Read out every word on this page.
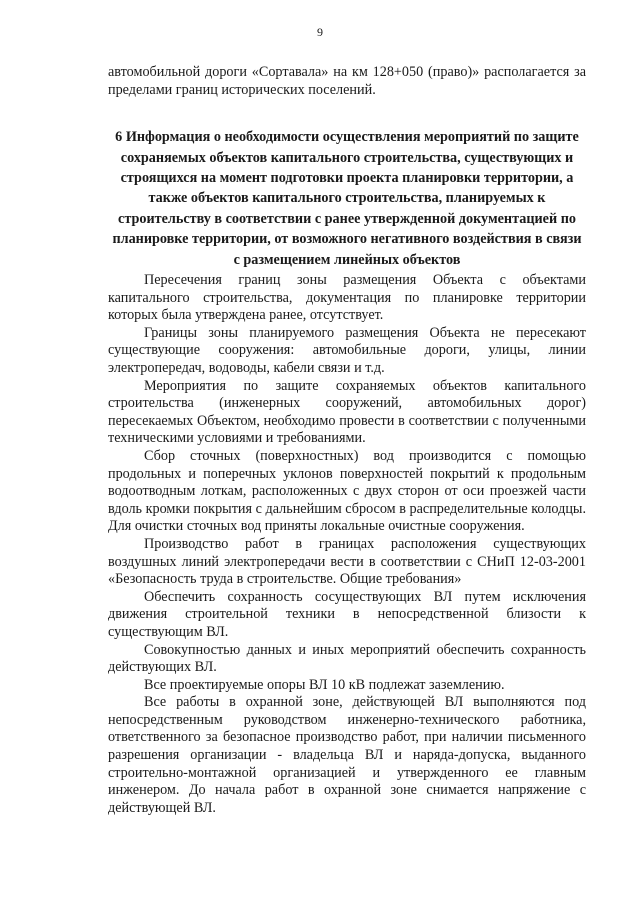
9

автомобильной дороги «Сортавала» на км 128+050 (право)» располагается за пределами границ исторических поселений.

6 Информация о необходимости осуществления мероприятий по защите сохраняемых объектов капитального строительства, существующих и строящихся на момент подготовки проекта планировки территории, а также объектов капитального строительства, планируемых к строительству в соответствии с ранее утвержденной документацией по планировке территории, от возможного негативного воздействия в связи с размещением линейных объектов

Пересечения границ зоны размещения Объекта с объектами капитального строительства, документация по планировке территории которых была утверждена ранее, отсутствует.

Границы зоны планируемого размещения Объекта не пересекают существующие сооружения: автомобильные дороги, улицы, линии электропередач, водоводы, кабели связи и т.д.

Мероприятия по защите сохраняемых объектов капитального строительства (инженерных сооружений, автомобильных дорог) пересекаемых Объектом, необходимо провести в соответствии с полученными техническими условиями и требованиями.

Сбор сточных (поверхностных) вод производится с помощью продольных и поперечных уклонов поверхностей покрытий к продольным водоотводным лоткам, расположенных с двух сторон от оси проезжей части вдоль кромки покрытия с дальнейшим сбросом в распределительные колодцы. Для очистки сточных вод приняты локальные очистные сооружения.

Производство работ в границах расположения существующих воздушных линий электропередачи вести в соответствии с СНиП 12-03-2001 «Безопасность труда в строительстве. Общие требования»

Обеспечить сохранность сосуществующих ВЛ путем исключения движения строительной техники в непосредственной близости к существующим ВЛ.

Совокупностью данных и иных мероприятий обеспечить сохранность действующих ВЛ.

Все проектируемые опоры ВЛ 10 кВ подлежат заземлению.

Все работы в охранной зоне, действующей ВЛ выполняются под непосредственным руководством инженерно-технического работника, ответственного за безопасное производство работ, при наличии письменного разрешения организации - владельца ВЛ и наряда-допуска, выданного строительно-монтажной организацией и утвержденного ее главным инженером. До начала работ в охранной зоне снимается напряжение с действующей ВЛ.
